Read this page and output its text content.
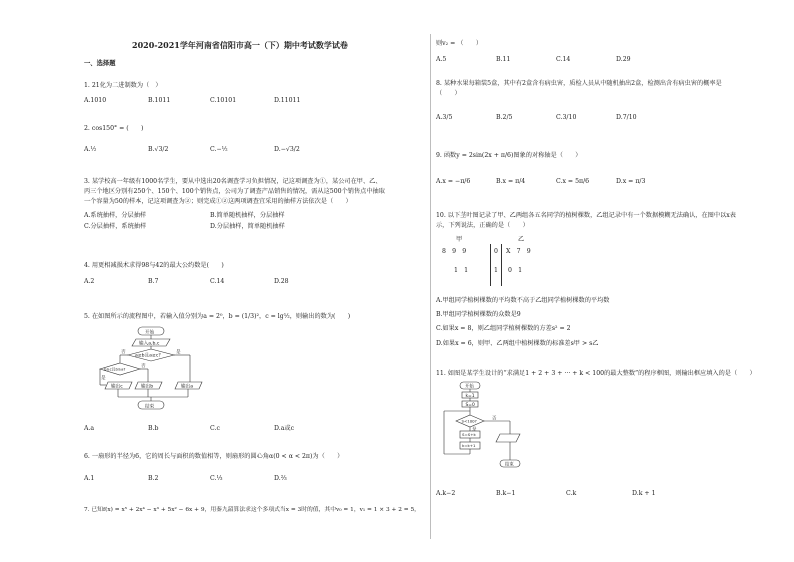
2020-2021学年河南省信阳市高一（下）期中考试数学试卷
一、选择题
1. 21化为二进制数为（　）
A.1010	B.1011	C.10101	D.11011
2. cos150° = (　　)
A.½	B.√3/2	C.−½	D.−√3/2
3. 某学校高一年级有1000名学生，要从中选出20名调查学习负担情况，记这项调查为①，某公司在甲、乙、
丙三个地区分别有250个、150个、100个销售点，公司为了调查产品销售的情况，需从这500个销售点中抽取
一个容量为50的样本，记这项调查为②；则完成①②这两项调查宜采用的抽样方法依次是（　　）
A.系统抽样，分层抽样	B.简单随机抽样，分层抽样
C.分层抽样，系统抽样	D.分层抽样，简单随机抽样
4. 用更相减损术求得98与42的最大公约数是(　　)
A.2	B.7	C.14	D.28
5. 在如图所示的流程图中，若输入值分别为a = 2⁰，b = (1/3)²，c = lg½，则输出的数为(　　)
开始
输入a,b,c
a≥b且a≥c?
b≥c且b≥a?
是
否
否
是
输出c	输出b	输出a
结束
A.a	B.b	C.c	D.a或c
6. 一扇形的半径为6，它的周长与面积的数值相等，则扇形的圆心角α(0 < α < 2π)为（　　）
A.1	B.2	C.⅓	D.⅔
7. 已知f(x) = x⁵ + 2x⁴ − x³ + 5x² − 6x + 9，用秦九韶算法求这个多项式当x = 3时的值，其中v₀ = 1，v₁ = 1 × 3 + 2 = 5，
则v₂ = （　　）
A.5	B.11	C.14	D.29
8. 某种水果每箱装5盒，其中有2盒含有病虫害，质检人员从中随机抽出2盒，检测出含有病虫害的概率是
（　　）
A.3/5	B.2/5	C.3/10	D.7/10
9. 函数y = 2sin(2x + π/6)图象的对称轴是（　　）
A.x = −π/6	B.x = π/4	C.x = 5π/6	D.x = π/3
10. 以下茎叶图记录了甲、乙两组各五名同学的植树棵数，乙组记录中有一个数据模糊无法确认，在图中以x表
示，下列说法，正确的是（　　）
甲	乙
8　9　9	0 X　7　9
1　1	1 0　1
A.甲组同学植树棵数的平均数不高于乙组同学植树棵数的平均数
B.甲组同学植树棵数的众数是9
C.如果x = 8，则乙组同学植树棵数的方差s² = 2
D.如果x = 6，则甲、乙两组中植树棵数的标准差s甲 > s乙
11. 如图是某学生设计的“求满足1 + 2 + 3 + ··· + k < 100的最大整数”的程序框图，则输出框应填入的是（　　）
开始
k=1
S=0
S<100?
是
否
S=S+k
k=k+1
结束
A.k−2	B.k−1	C.k	D.k + 1
